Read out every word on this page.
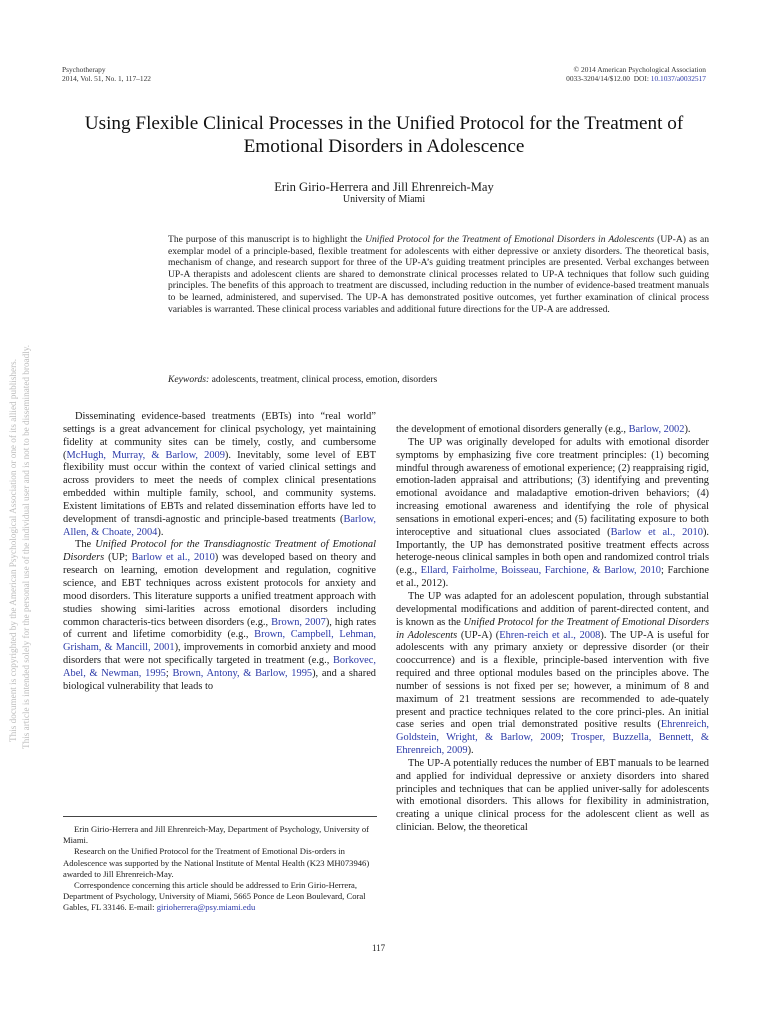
Psychotherapy
2014, Vol. 51, No. 1, 117–122
© 2014 American Psychological Association
0033-3204/14/$12.00 DOI: 10.1037/a0032517
Using Flexible Clinical Processes in the Unified Protocol for the Treatment of Emotional Disorders in Adolescence
Erin Girio-Herrera and Jill Ehrenreich-May
University of Miami
The purpose of this manuscript is to highlight the Unified Protocol for the Treatment of Emotional Disorders in Adolescents (UP-A) as an exemplar model of a principle-based, flexible treatment for adolescents with either depressive or anxiety disorders. The theoretical basis, mechanism of change, and research support for three of the UP-A’s guiding treatment principles are presented. Verbal exchanges between UP-A therapists and adolescent clients are shared to demonstrate clinical processes related to UP-A techniques that follow such guiding principles. The benefits of this approach to treatment are discussed, including reduction in the number of evidence-based treatment manuals to be learned, administered, and supervised. The UP-A has demonstrated positive outcomes, yet further examination of clinical process variables is warranted. These clinical process variables and additional future directions for the UP-A are addressed.
Keywords: adolescents, treatment, clinical process, emotion, disorders

Disseminating evidence-based treatments (EBTs) into “real world” settings is a great advancement for clinical psychology, yet maintaining fidelity at community sites can be timely, costly, and cumbersome (McHugh, Murray, & Barlow, 2009). Inevitably, some level of EBT flexibility must occur within the context of varied clinical settings and across providers to meet the needs of complex clinical presentations embedded within multiple family, school, and community systems. Existent limitations of EBTs and related dissemination efforts have led to development of transdi-agnostic and principle-based treatments (Barlow, Allen, & Choate, 2004).

The Unified Protocol for the Transdiagnostic Treatment of Emotional Disorders (UP; Barlow et al., 2010) was developed based on theory and research on learning, emotion development and regulation, cognitive science, and EBT techniques across existent protocols for anxiety and mood disorders. This literature supports a unified treatment approach with studies showing simi-larities across emotional disorders including common characteris-tics between disorders (e.g., Brown, 2007), high rates of current and lifetime comorbidity (e.g., Brown, Campbell, Lehman, Grisham, & Mancill, 2001), improvements in comorbid anxiety and mood disorders that were not specifically targeted in treatment (e.g., Borkovec, Abel, & Newman, 1995; Brown, Antony, & Barlow, 1995), and a shared biological vulnerability that leads to

Erin Girio-Herrera and Jill Ehrenreich-May, Department of Psychology, University of Miami.

Research on the Unified Protocol for the Treatment of Emotional Dis-orders in Adolescence was supported by the National Institute of Mental Health (K23 MH073946) awarded to Jill Ehrenreich-May.

Correspondence concerning this article should be addressed to Erin Girio-Herrera, Department of Psychology, University of Miami, 5665 Ponce de Leon Boulevard, Coral Gables, FL 33146. E-mail: girioherrera@psy.miami.edu

the development of emotional disorders generally (e.g., Barlow, 2002).

The UP was originally developed for adults with emotional disorder symptoms by emphasizing five core treatment principles: (1) becoming mindful through awareness of emotional experience; (2) reappraising rigid, emotion-laden appraisal and attributions; (3) identifying and preventing emotional avoidance and maladaptive emotion-driven behaviors; (4) increasing emotional awareness and identifying the role of physical sensations in emotional experi-ences; and (5) facilitating exposure to both interoceptive and situational clues associated (Barlow et al., 2010). Importantly, the UP has demonstrated positive treatment effects across heteroge-neous clinical samples in both open and randomized control trials (e.g., Ellard, Fairholme, Boisseau, Farchione, & Barlow, 2010; Farchione et al., 2012).

The UP was adapted for an adolescent population, through substantial developmental modifications and addition of parent-directed content, and is known as the Unified Protocol for the Treatment of Emotional Disorders in Adolescents (UP-A) (Ehren-reich et al., 2008). The UP-A is useful for adolescents with any primary anxiety or depressive disorder (or their cooccurrence) and is a flexible, principle-based intervention with five required and three optional modules based on the principles above. The number of sessions is not fixed per se; however, a minimum of 8 and maximum of 21 treatment sessions are recommended to ade-quately present and practice techniques related to the core princi-ples. An initial case series and open trial demonstrated positive results (Ehrenreich, Goldstein, Wright, & Barlow, 2009; Trosper, Buzzella, Bennett, & Ehrenreich, 2009).

The UP-A potentially reduces the number of EBT manuals to be learned and applied for individual depressive or anxiety disorders into shared principles and techniques that can be applied univer-sally for adolescents with emotional disorders. This allows for flexibility in administration, creating a unique clinical process for the adolescent client as well as clinician. Below, the theoretical

117
This document is copyrighted by the American Psychological Association or one of its allied publishers. This article is intended solely for the personal use of the individual user and is not to be disseminated broadly.
